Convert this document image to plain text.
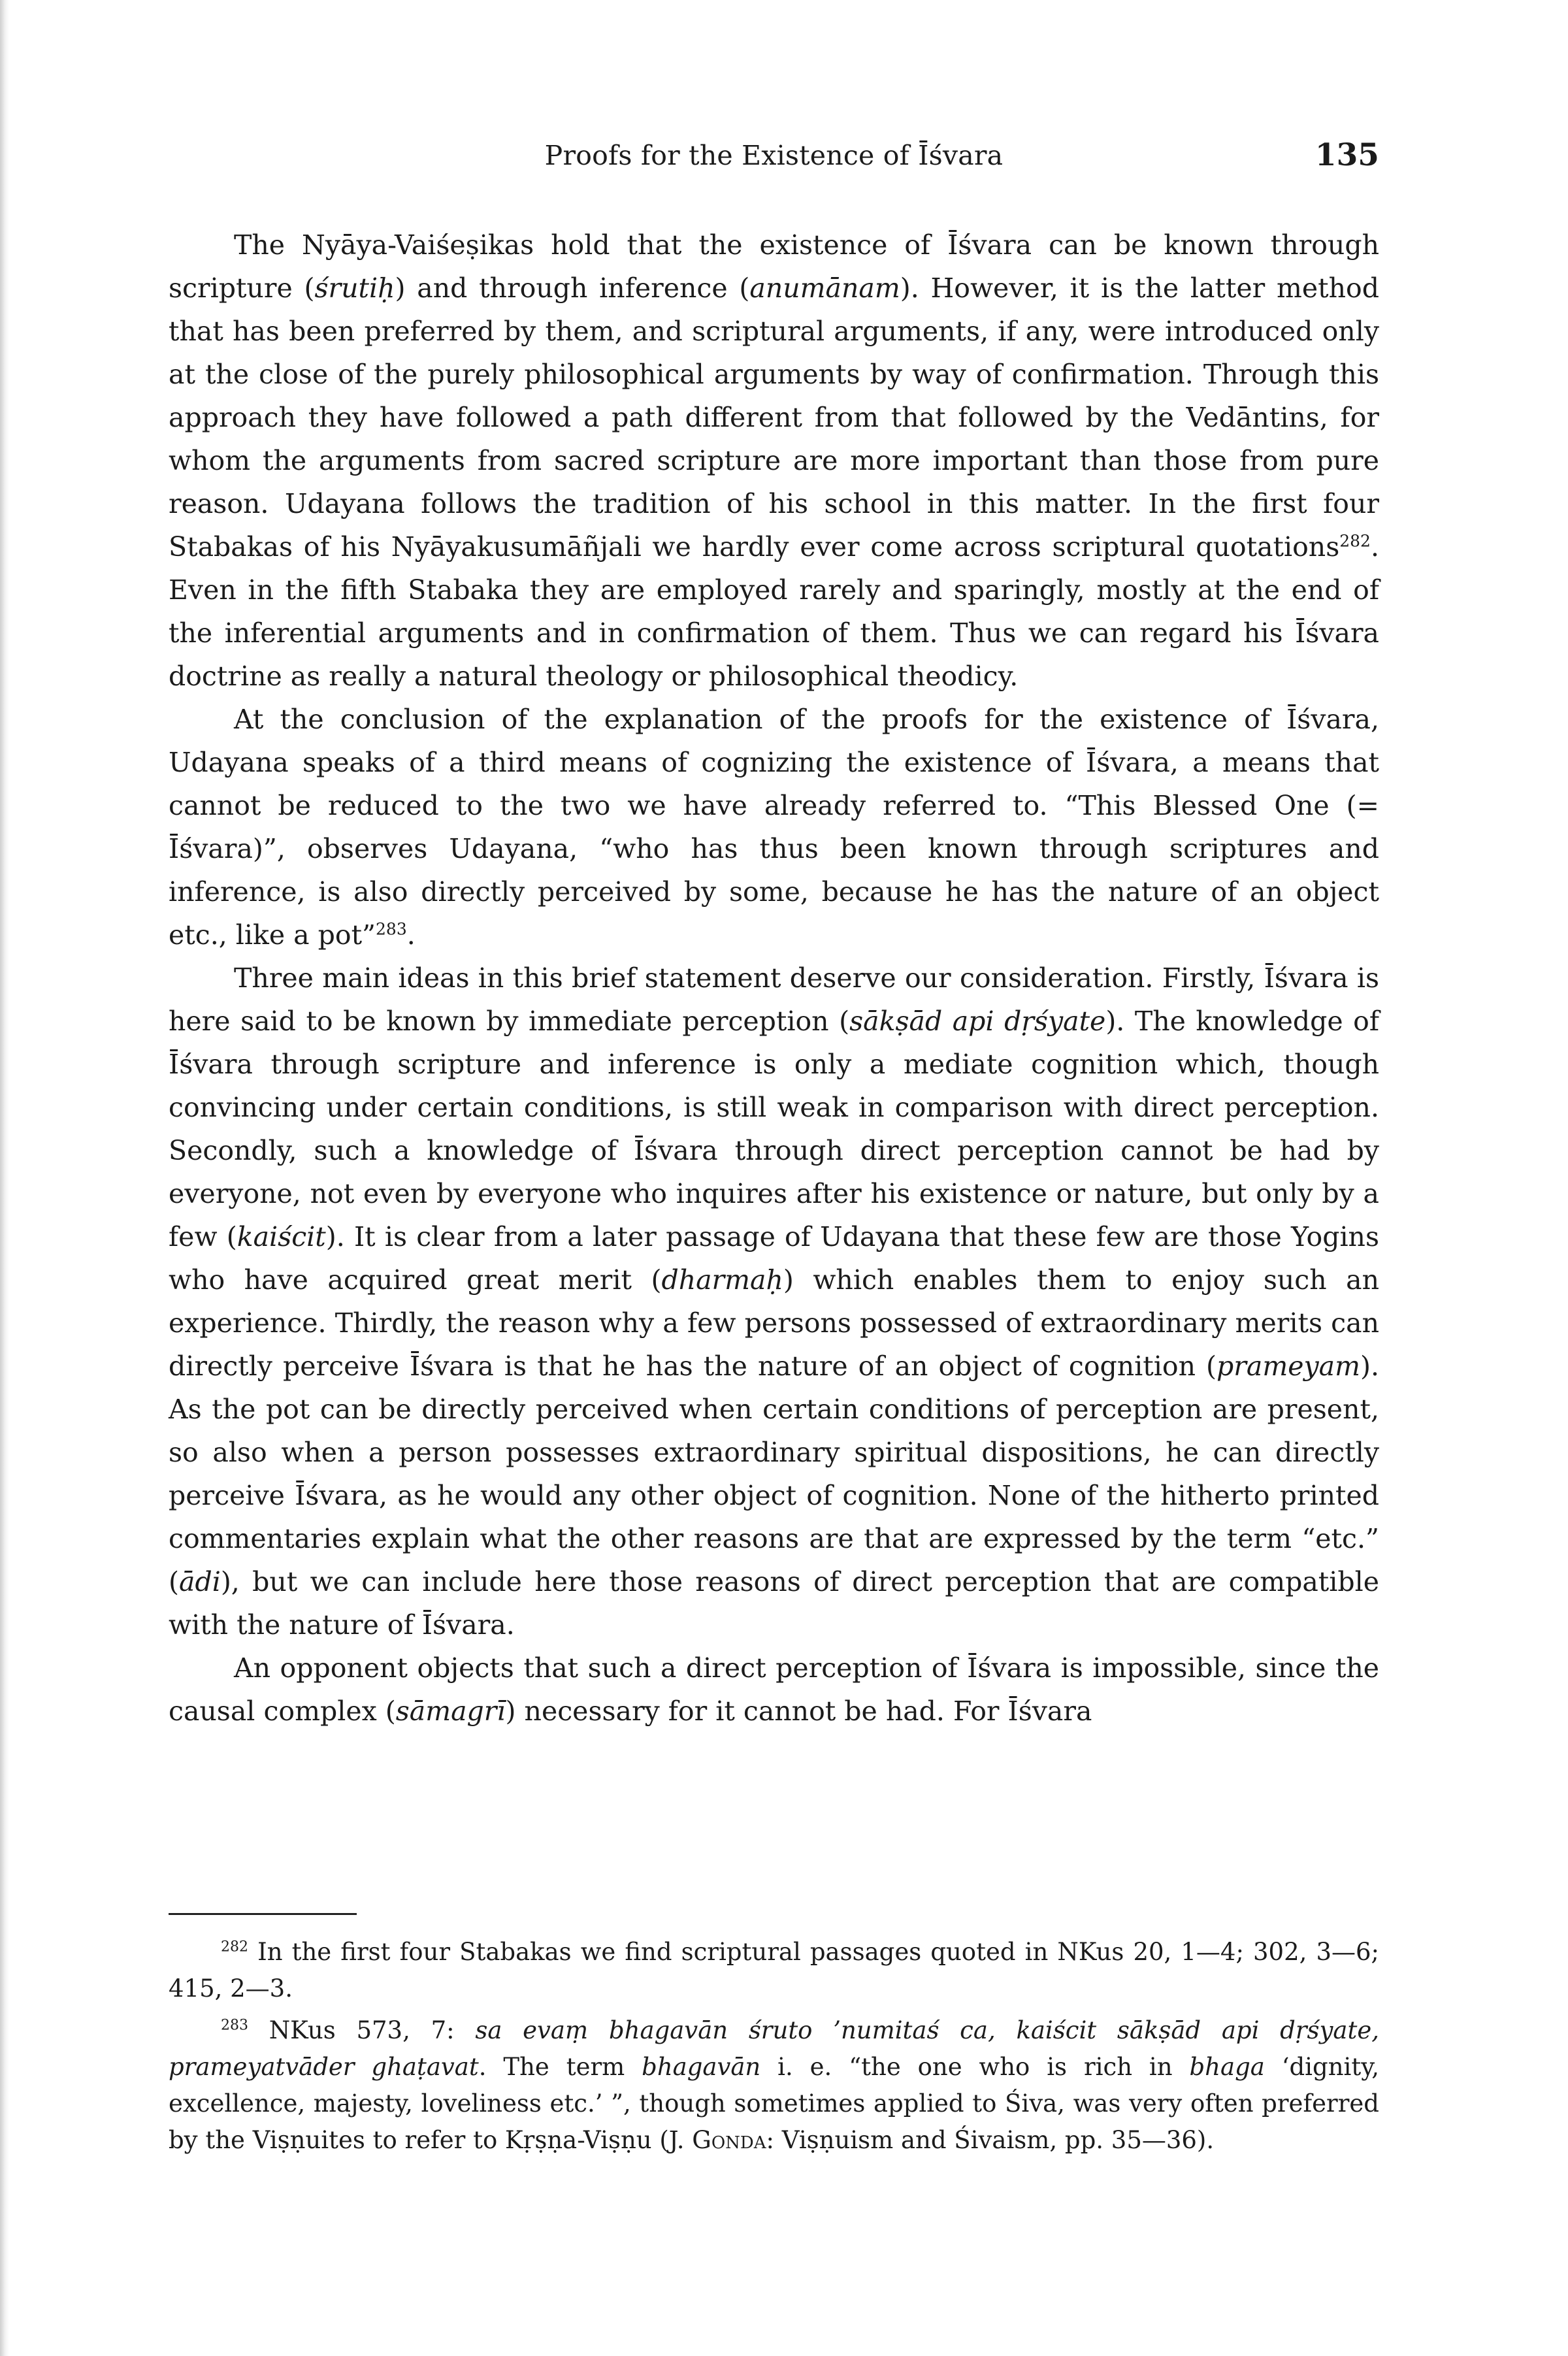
Proofs for the Existence of Īśvara	135

The Nyāya-Vaiśeṣikas hold that the existence of Īśvara can be known through scripture (śrutiḥ) and through inference (anumānam). However, it is the latter method that has been preferred by them, and scriptural arguments, if any, were introduced only at the close of the purely philosophical arguments by way of confirmation. Through this approach they have followed a path different from that followed by the Vedāntins, for whom the arguments from sacred scripture are more important than those from pure reason. Udayana follows the tradition of his school in this matter. In the first four Stabakas of his Nyāyakusumāñjali we hardly ever come across scriptural quotations$^{282}$. Even in the fifth Stabaka they are employed rarely and sparingly, mostly at the end of the inferential arguments and in confirmation of them. Thus we can regard his Īśvara doctrine as really a natural theology or philosophical theodicy.

At the conclusion of the explanation of the proofs for the existence of Īśvara, Udayana speaks of a third means of cognizing the existence of Īśvara, a means that cannot be reduced to the two we have already referred to. “This Blessed One (= Īśvara)”, observes Udayana, “who has thus been known through scriptures and inference, is also directly perceived by some, because he has the nature of an object etc., like a pot”$^{283}$.

Three main ideas in this brief statement deserve our consideration. Firstly, Īśvara is here said to be known by immediate perception (sākṣād api dṛśyate). The knowledge of Īśvara through scripture and inference is only a mediate cognition which, though convincing under certain conditions, is still weak in comparison with direct perception. Secondly, such a knowledge of Īśvara through direct perception cannot be had by everyone, not even by everyone who inquires after his existence or nature, but only by a few (kaiścit). It is clear from a later passage of Udayana that these few are those Yogins who have acquired great merit (dharmaḥ) which enables them to enjoy such an experience. Thirdly, the reason why a few persons possessed of extraordinary merits can directly perceive Īśvara is that he has the nature of an object of cognition (prameyam). As the pot can be directly perceived when certain conditions of perception are present, so also when a person possesses extraordinary spiritual dispositions, he can directly perceive Īśvara, as he would any other object of cognition. None of the hitherto printed commentaries explain what the other reasons are that are expressed by the term “etc.” (ādi), but we can include here those reasons of direct perception that are compatible with the nature of Īśvara.

An opponent objects that such a direct perception of Īśvara is impossible, since the causal complex (sāmagrī) necessary for it cannot be had. For Īśvara

$^{282}$ In the first four Stabakas we find scriptural passages quoted in NKus 20, 1—4; 302, 3—6; 415, 2—3.

$^{283}$ NKus 573, 7: sa evaṃ bhagavān śruto ’numitaś ca, kaiścit sākṣād api dṛśyate, prameyatvāder ghaṭavat. The term bhagavān i. e. “the one who is rich in bhaga ‘dignity, excellence, majesty, loveliness etc.’ ”, though sometimes applied to Śiva, was very often preferred by the Viṣṇuites to refer to Kṛṣṇa-Viṣṇu (J. Gonda: Viṣṇuism and Śivaism, pp. 35—36).
